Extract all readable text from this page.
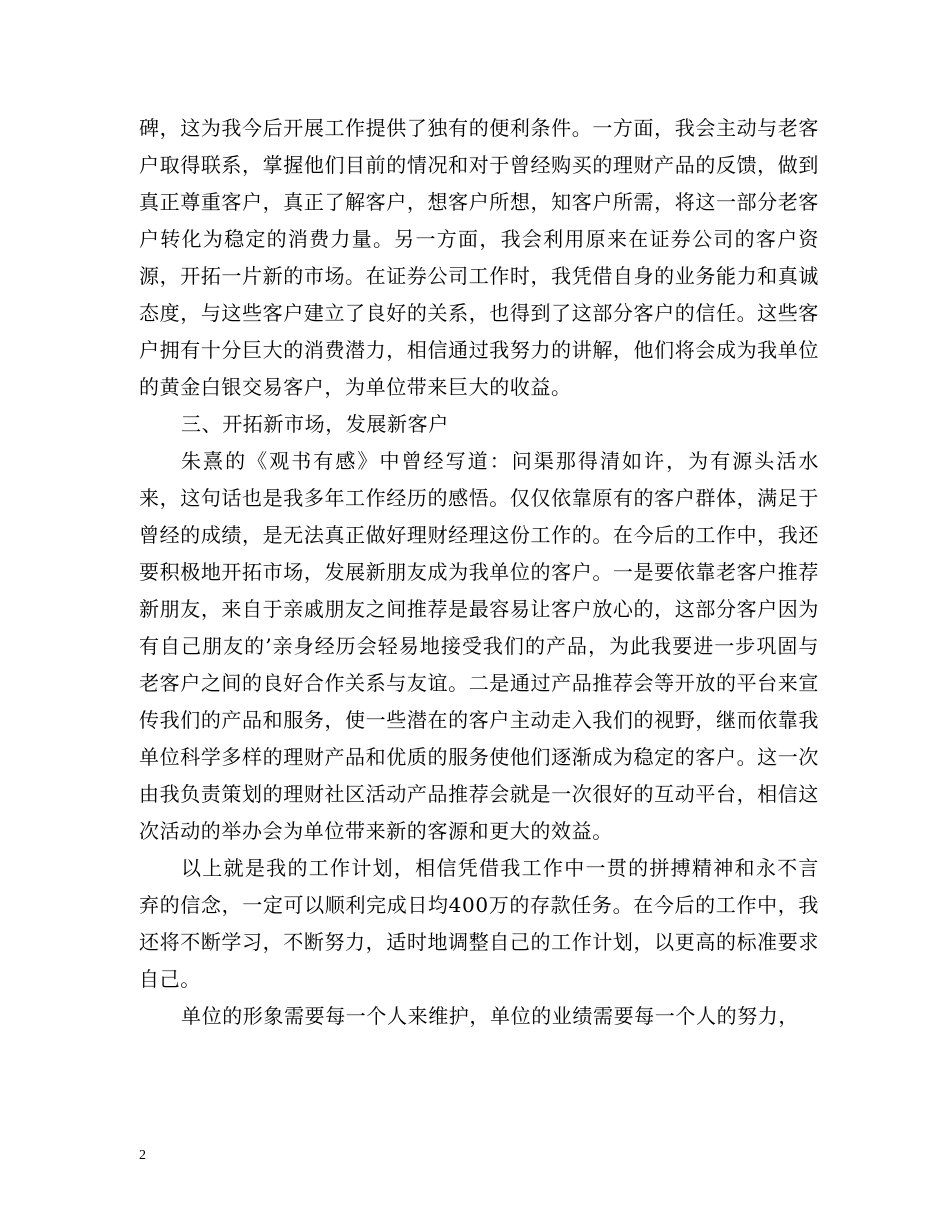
碑，这为我今后开展工作提供了独有的便利条件。一方面，我会主动与老客户取得联系，掌握他们目前的情况和对于曾经购买的理财产品的反馈，做到真正尊重客户，真正了解客户，想客户所想，知客户所需，将这一部分老客户转化为稳定的消费力量。另一方面，我会利用原来在证券公司的客户资源，开拓一片新的市场。在证券公司工作时，我凭借自身的业务能力和真诚态度，与这些客户建立了良好的关系，也得到了这部分客户的信任。这些客户拥有十分巨大的消费潜力，相信通过我努力的讲解，他们将会成为我单位的黄金白银交易客户，为单位带来巨大的收益。

三、开拓新市场，发展新客户

朱熹的《观书有感》中曾经写道：问渠那得清如许，为有源头活水来，这句话也是我多年工作经历的感悟。仅仅依靠原有的客户群体，满足于曾经的成绩，是无法真正做好理财经理这份工作的。在今后的工作中，我还要积极地开拓市场，发展新朋友成为我单位的客户。一是要依靠老客户推荐新朋友，来自于亲戚朋友之间推荐是最容易让客户放心的，这部分客户因为有自己朋友的’亲身经历会轻易地接受我们的产品，为此我要进一步巩固与老客户之间的良好合作关系与友谊。二是通过产品推荐会等开放的平台来宣传我们的产品和服务，使一些潜在的客户主动走入我们的视野，继而依靠我单位科学多样的理财产品和优质的服务使他们逐渐成为稳定的客户。这一次由我负责策划的理财社区活动产品推荐会就是一次很好的互动平台，相信这次活动的举办会为单位带来新的客源和更大的效益。

以上就是我的工作计划，相信凭借我工作中一贯的拼搏精神和永不言弃的信念，一定可以顺利完成日均400万的存款任务。在今后的工作中，我还将不断学习，不断努力，适时地调整自己的工作计划，以更高的标准要求自己。

单位的形象需要每一个人来维护，单位的业绩需要每一个人的努力，

2
